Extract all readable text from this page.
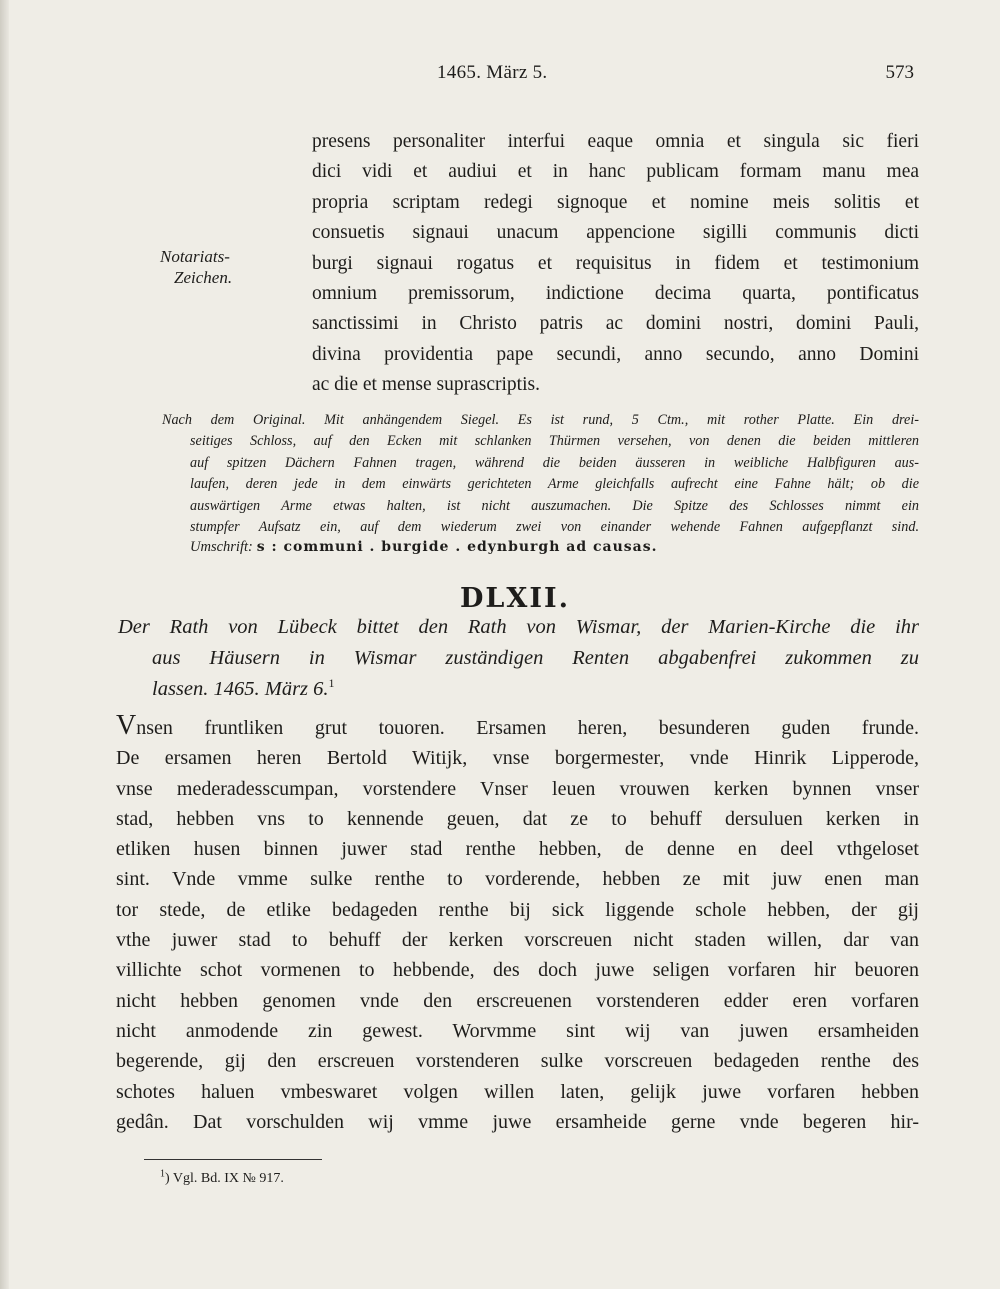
1465. März 5.	573
Notariats-
Zeichen.
presens personaliter interfui eaque omnia et singula sic fieri
dici vidi et audiui et in hanc publicam formam manu mea
propria scriptam redegi signoque et nomine meis solitis et
consuetis signaui unacum appencione sigilli communis dicti
burgi signaui rogatus et requisitus in fidem et testimonium
omnium premissorum, indictione decima quarta, pontificatus
sanctissimi in Christo patris ac domini nostri, domini Pauli,
divina providentia pape secundi, anno secundo, anno Domini
ac die et mense suprascriptis.
Nach dem Original. Mit anhängendem Siegel. Es ist rund, 5 Ctm., mit rother Platte. Ein drei-
seitiges Schloss, auf den Ecken mit schlanken Thürmen versehen, von denen die beiden mittleren
auf spitzen Dächern Fahnen tragen, während die beiden äusseren in weibliche Halbfiguren aus-
laufen, deren jede in dem einwärts gerichteten Arme gleichfalls aufrecht eine Fahne hält; ob die
auswärtigen Arme etwas halten, ist nicht auszumachen. Die Spitze des Schlosses nimmt ein
stumpfer Aufsatz ein, auf dem wiederum zwei von einander wehende Fahnen aufgepflanzt sind.
Umschrift: s : communi . burgide . edynburgh ad causas.
DLXII.
Der Rath von Lübeck bittet den Rath von Wismar, der Marien-Kirche die ihr
aus Häusern in Wismar zuständigen Renten abgabenfrei zukommen zu
lassen. 1465. März 6.$^1$
Vnsen fruntliken grut touoren. Ersamen heren, besunderen guden frunde.
De ersamen heren Bertold Witijk, vnse borgermester, vnde Hinrik Lipperode,
vnse mederadesscumpan, vorstendere Vnser leuen vrouwen kerken bynnen vnser
stad, hebben vns to kennende geuen, dat ze to behuff dersuluen kerken in
etliken husen binnen juwer stad renthe hebben, de denne en deel vthgeloset
sint. Vnde vmme sulke renthe to vorderende, hebben ze mit juw enen man
tor stede, de etlike bedageden renthe bij sick liggende schole hebben, der gij
vthe juwer stad to behuff der kerken vorscreuen nicht staden willen, dar van
villichte schot vormenen to hebbende, des doch juwe seligen vorfaren hir beuoren
nicht hebben genomen vnde den erscreuenen vorstenderen edder eren vorfaren
nicht anmodende zin gewest. Worvmme sint wij van juwen ersamheiden
begerende, gij den erscreuen vorstenderen sulke vorscreuen bedageden renthe des
schotes haluen vmbeswaret volgen willen laten, gelijk juwe vorfaren hebben
gedân. Dat vorschulden wij vmme juwe ersamheide gerne vnde begeren hir-
$^1$) Vgl. Bd. IX № 917.
